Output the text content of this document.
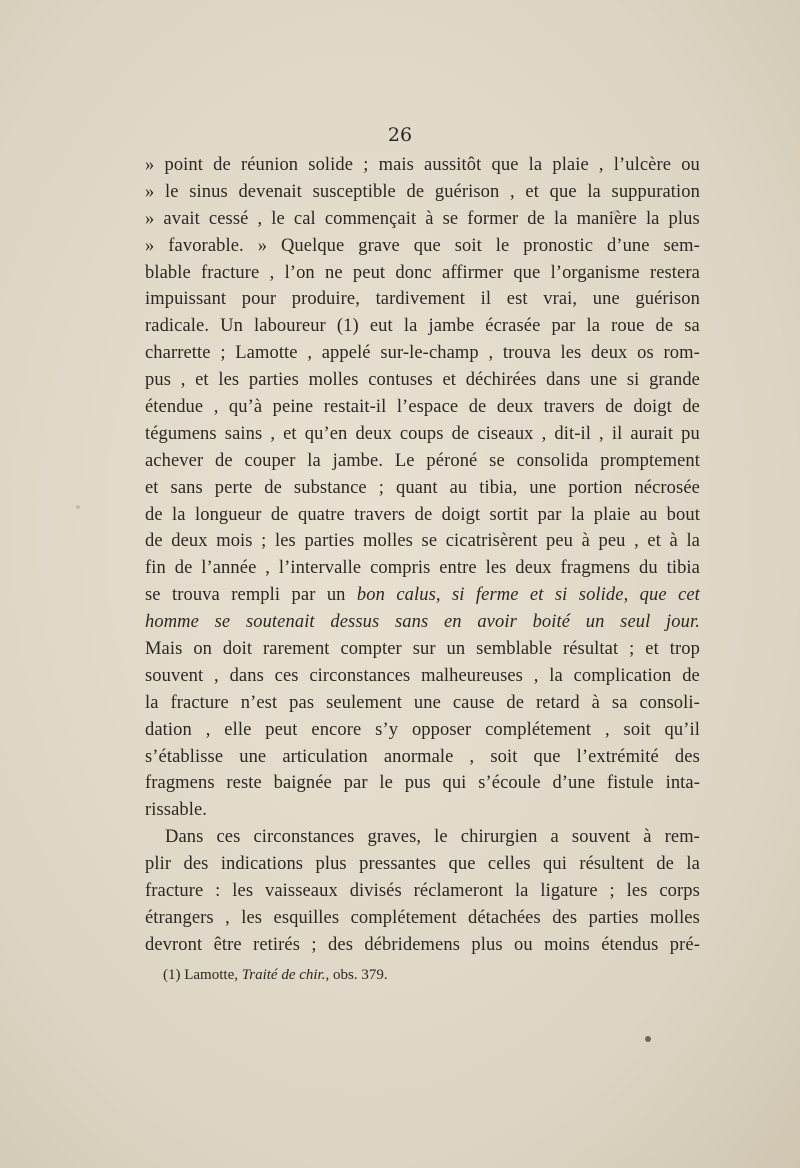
26
» point de réunion solide ; mais aussitôt que la plaie , l’ulcère ou
» le sinus devenait susceptible de guérison , et que la suppuration
» avait cessé , le cal commençait à se former de la manière la plus
» favorable. » Quelque grave que soit le pronostic d’une sem-
blable fracture , l’on ne peut donc affirmer que l’organisme restera
impuissant pour produire, tardivement il est vrai, une guérison
radicale. Un laboureur (1) eut la jambe écrasée par la roue de sa
charrette ; Lamotte , appelé sur-le-champ , trouva les deux os rom-
pus , et les parties molles contuses et déchirées dans une si grande
étendue , qu’à peine restait-il l’espace de deux travers de doigt de
tégumens sains , et qu’en deux coups de ciseaux , dit-il , il aurait pu
achever de couper la jambe. Le péroné se consolida promptement
et sans perte de substance ; quant au tibia, une portion nécrosée
de la longueur de quatre travers de doigt sortit par la plaie au bout
de deux mois ; les parties molles se cicatrisèrent peu à peu , et à la
fin de l’année , l’intervalle compris entre les deux fragmens du tibia
se trouva rempli par un bon calus, si ferme et si solide, que cet
homme se soutenait dessus sans en avoir boité un seul jour.
Mais on doit rarement compter sur un semblable résultat ; et trop
souvent , dans ces circonstances malheureuses , la complication de
la fracture n’est pas seulement une cause de retard à sa consoli-
dation , elle peut encore s’y opposer complétement , soit qu’il
s’établisse une articulation anormale , soit que l’extrémité des
fragmens reste baignée par le pus qui s’écoule d’une fistule inta-
rissable.
Dans ces circonstances graves, le chirurgien a souvent à rem-
plir des indications plus pressantes que celles qui résultent de la
fracture : les vaisseaux divisés réclameront la ligature ; les corps
étrangers , les esquilles complétement détachées des parties molles
devront être retirés ; des débridemens plus ou moins étendus pré-
(1) Lamotte, Traité de chir., obs. 379.
